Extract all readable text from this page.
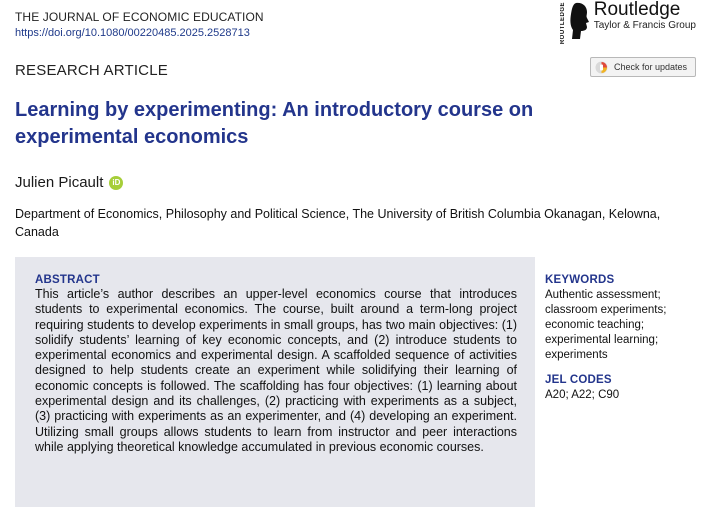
THE JOURNAL OF ECONOMIC EDUCATION
https://doi.org/10.1080/00220485.2025.2528713	ROUTLEDGE Routledge
Taylor & Francis Group
RESEARCH ARTICLE	Check for updates
Learning by experimenting: An introductory course on experimental economics
Julien Picault	iD
Department of Economics, Philosophy and Political Science, The University of British Columbia Okanagan, Kelowna, Canada
ABSTRACT
This article’s author describes an upper-level economics course that introduces students to experimental economics. The course, built around a term-long project requiring students to develop experiments in small groups, has two main objectives: (1) solidify students’ learning of key economic concepts, and (2) introduce students to experimental economics and experimental design. A scaffolded sequence of activities designed to help students create an experiment while solidifying their learning of economic concepts is followed. The scaffolding has four objectives: (1) learning about experimental design and its challenges, (2) practicing with experiments as a subject, (3) practicing with experiments as an experimenter, and (4) developing an experiment. Utilizing small groups allows students to learn from instructor and peer interactions while applying theoretical knowledge accumulated in previous economic courses.
KEYWORDS
Authentic assessment;
classroom experiments;
economic teaching;
experimental learning;
experiments
JEL CODES
A20; A22; C90
